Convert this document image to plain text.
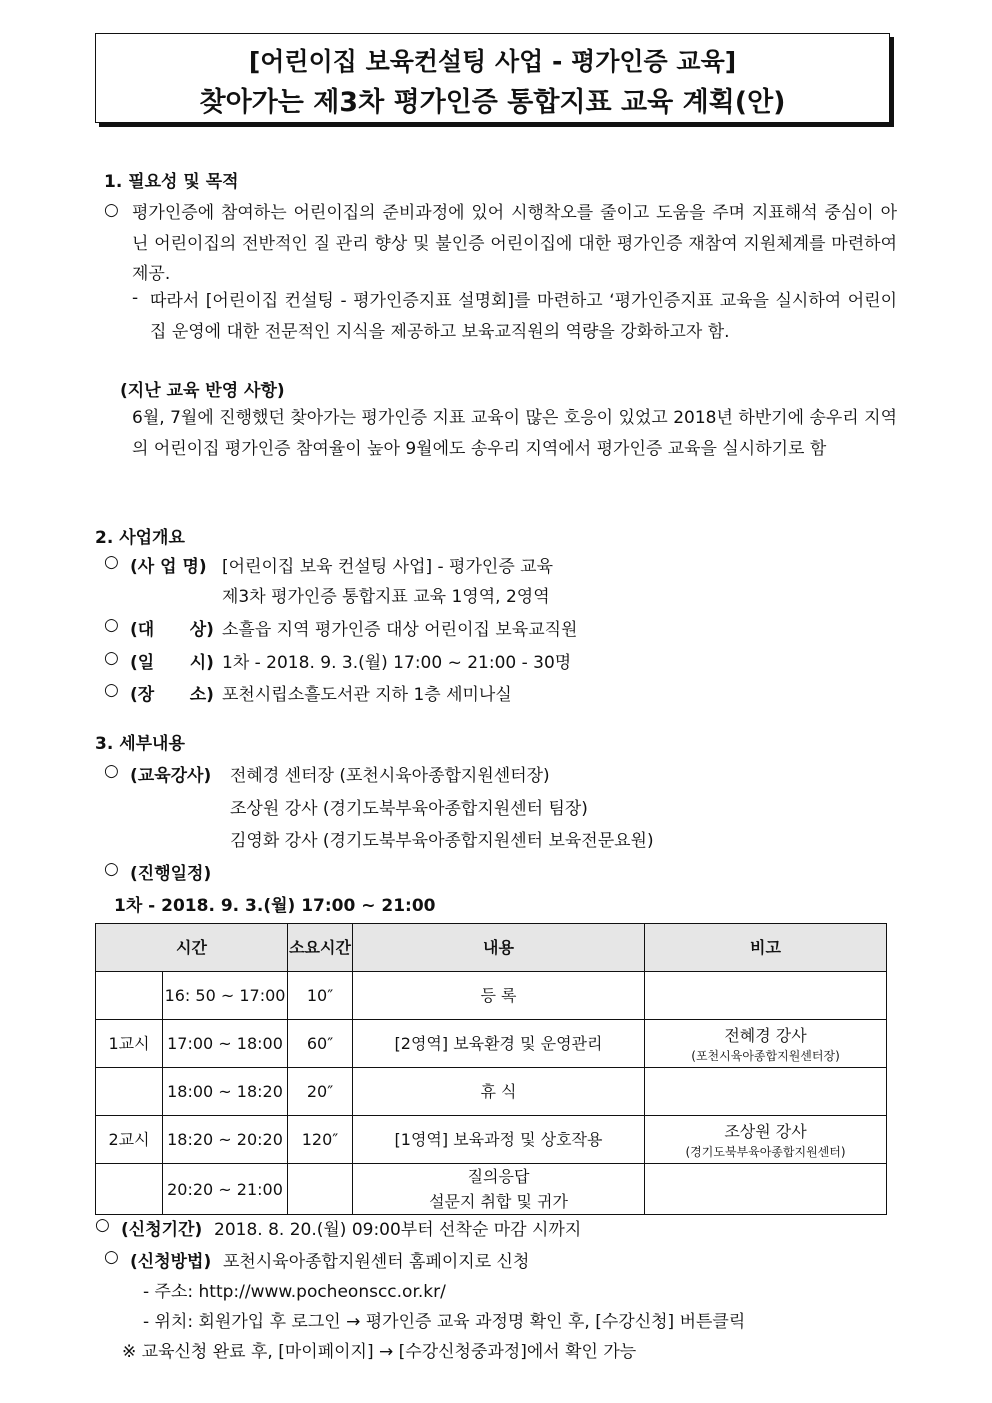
[어린이집 보육컨설팅 사업 - 평가인증 교육]
찾아가는 제3차 평가인증 통합지표 교육 계획(안)
1. 필요성 및 목적
○ 평가인증에 참여하는 어린이집의 준비과정에 있어 시행착오를 줄이고 도움을 주며 지표해석 중심이 아닌 어린이집의 전반적인 질 관리 향상 및 불인증 어린이집에 대한 평가인증 재참여 지원체계를 마련하여 제공.
- 따라서 [어린이집 컨설팅 - 평가인증지표 설명회]를 마련하고 ‘평가인증지표 교육을 실시하여 어린이집 운영에 대한 전문적인 지식을 제공하고 보육교직원의 역량을 강화하고자 함.
(지난 교육 반영 사항)
6월, 7월에 진행했던 찾아가는 평가인증 지표 교육이 많은 호응이 있었고 2018년 하반기에 송우리 지역의 어린이집 평가인증 참여율이 높아 9월에도 송우리 지역에서 평가인증 교육을 실시하기로 함
2. 사업개요
○ (사 업 명) [어린이집 보육 컨설팅 사업] - 평가인증 교육
제3차 평가인증 통합지표 교육 1영역, 2영역
○ (대      상) 소흘읍 지역 평가인증 대상 어린이집 보육교직원
○ (일      시) 1차 - 2018. 9. 3.(월) 17:00 ~ 21:00 - 30명
○ (장      소) 포천시립소흘도서관 지하 1층 세미나실
3. 세부내용
○ (교육강사) 전혜경 센터장 (포천시육아종합지원센터장)
조상원 강사 (경기도북부육아종합지원센터 팀장)
김영화 강사 (경기도북부육아종합지원센터 보육전문요원)
○ (진행일정)
1차 - 2018. 9. 3.(월) 17:00 ~ 21:00
시간		소요시간	내용	비고
	16: 50 ~ 17:00	10″	등 록	
1교시	17:00 ~ 18:00	60″	[2영역] 보육환경 및 운영관리	전혜경 강사
(포천시육아종합지원센터장)

	18:00 ~ 18:20	20″	휴 식	
2교시	18:20 ~ 20:20	120″	[1영역] 보육과정 및 상호작용	조상원 강사
(경기도북부육아종합지원센터)

	20:20 ~ 21:00		질의응답
설문지 취합 및 귀가	

○ (신청기간) 2018. 8. 20.(월) 09:00부터 선착순 마감 시까지
○ (신청방법) 포천시육아종합지원센터 홈페이지로 신청
- 주소: http://www.pocheonscc.or.kr/
- 위치: 회원가입 후 로그인 → 평가인증 교육 과정명 확인 후, [수강신청] 버튼클릭
※ 교육신청 완료 후, [마이페이지] → [수강신청중과정]에서 확인 가능
